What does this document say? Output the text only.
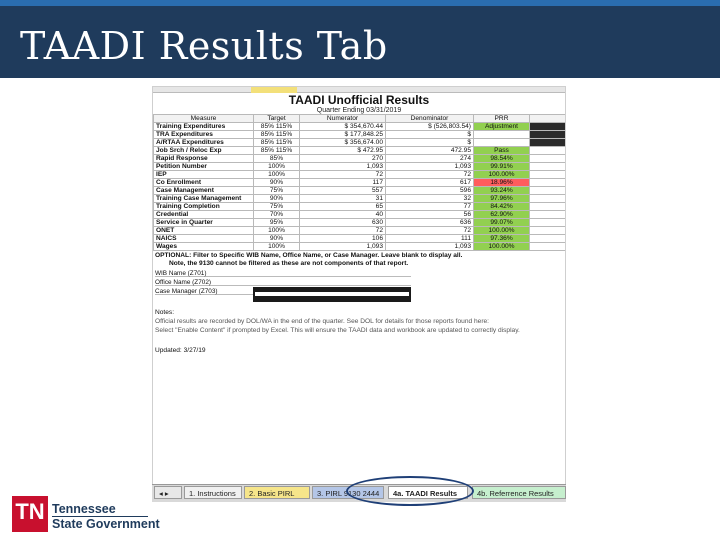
TAADI Results Tab
TAADI Unofficial Results
Quarter Ending 03/31/2019
Measure	Target	Numerator	Denominator	PRR	
Training Expenditures	85% 115%	$ 354,670.44	$ (526,803.54)	Adjustment	
TRA Expenditures	85% 115%	$ 177,848.25	$		
A/RTAA Expenditures	85% 115%	$ 356,674.00	$		
Job Srch / Reloc Exp	85% 115%	$ 472.95	472.95	Pass	
Rapid Response	85%	270	274	98.54%	
Petition Number	100%	1,093	1,093	99.91%	
IEP	100%	72	72	100.00%	
Co Enrollment	90%	117	617	18.96%	
Case Management	75%	557	596	93.24%	
Training Case Management	90%	31	32	97.96%	
Training Completion	75%	65	77	84.42%	
Credential	70%	40	56	62.90%	
Service in Quarter	95%	630	636	99.07%	
ONET	100%	72	72	100.00%	
NAICS	90%	106	111	97.36%	
Wages	100%	1,093	1,093	100.00%	
OPTIONAL: Filter to Specific WIB Name, Office Name, or Case Manager. Leave blank to display all.
Note, the 9130 cannot be filtered as these are not components of that report.
WIB Name (Z701)
Office Name (Z702)
Case Manager (Z703)
Notes:
Official results are recorded by DOL/WA in the end of the quarter. See DOL for details for those reports found here:
Select "Enable Content" if prompted by Excel. This will ensure the TAADI data and workbook are updated to correctly display.
Updated: 3/27/19
◂ ▸	1. Instructions	2. Basic PIRL	3. PIRL 9130 2444	4a. TAADI Results	4b. Referrence Results
TN Tennessee
State Government
